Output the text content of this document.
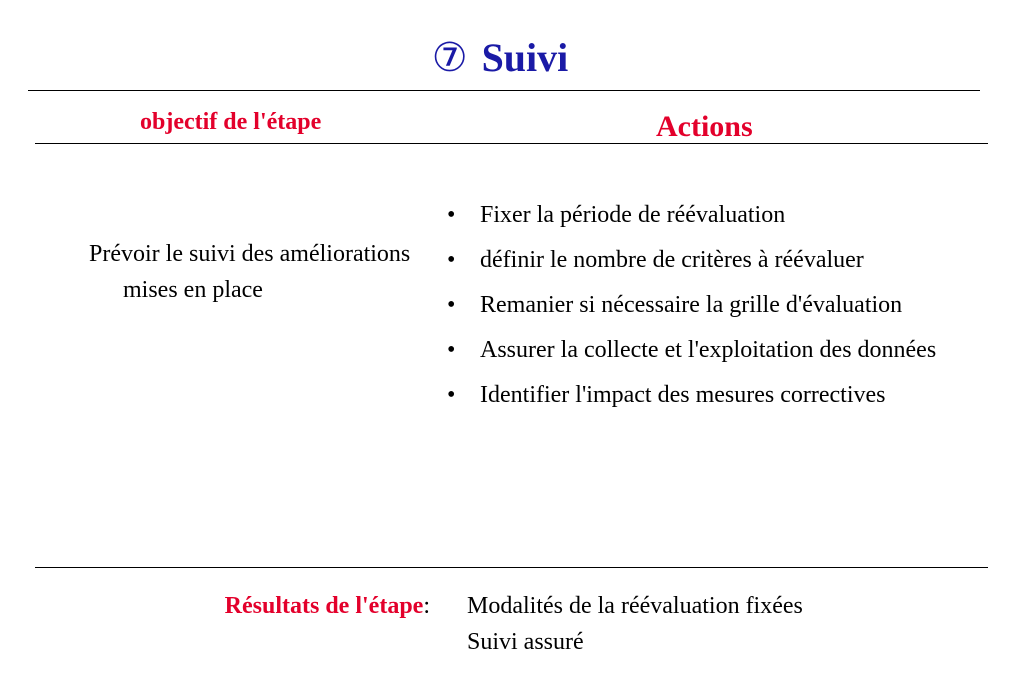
⑦ Suivi
objectif de l'étape	Actions
Prévoir le suivi des améliorations mises en place
• Fixer la période de réévaluation
• définir le nombre de critères à réévaluer
• Remanier si nécessaire la grille d'évaluation
• Assurer la collecte et l'exploitation des données
• Identifier l'impact des mesures correctives
Résultats de l'étape: Modalités de la réévaluation fixées
Suivi assuré
